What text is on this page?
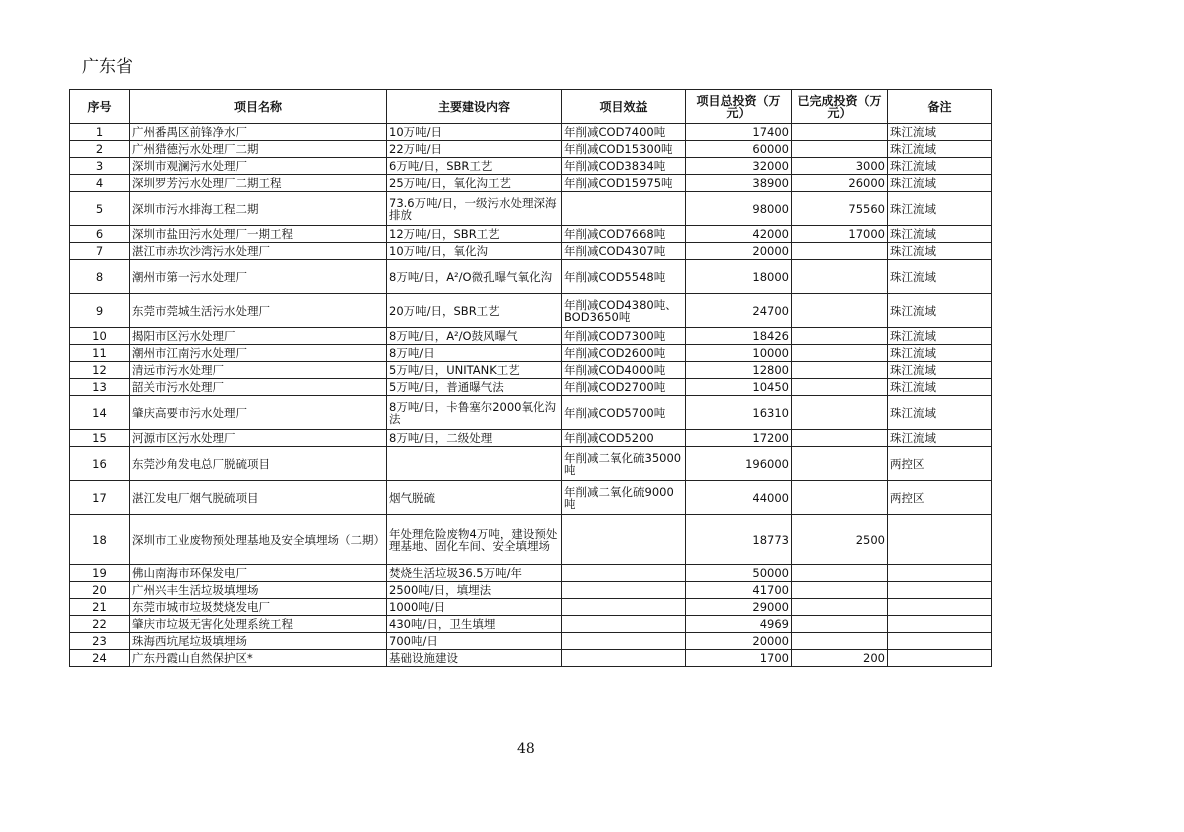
广东省
序号	项目名称	主要建设内容	项目效益	项目总投资（万元）	已完成投资（万元）	备注
1	广州番禺区前锋净水厂	10万吨/日	年削减COD7400吨	17400		珠江流域
2	广州猎德污水处理厂二期	22万吨/日	年削减COD15300吨	60000		珠江流域
3	深圳市观澜污水处理厂	6万吨/日，SBR工艺	年削减COD3834吨	32000	3000	珠江流域
4	深圳罗芳污水处理厂二期工程	25万吨/日，氧化沟工艺	年削减COD15975吨	38900	26000	珠江流域
5	深圳市污水排海工程二期	73.6万吨/日，一级污水处理深海排放		98000	75560	珠江流域
6	深圳市盐田污水处理厂一期工程	12万吨/日，SBR工艺	年削减COD7668吨	42000	17000	珠江流域
7	湛江市赤坎沙湾污水处理厂	10万吨/日，氧化沟	年削减COD4307吨	20000		珠江流域
8	潮州市第一污水处理厂	8万吨/日，A²/O微孔曝气氧化沟	年削减COD5548吨	18000		珠江流域
9	东莞市莞城生活污水处理厂	20万吨/日，SBR工艺	年削减COD4380吨、BOD3650吨	24700		珠江流域
10	揭阳市区污水处理厂	8万吨/日，A²/O鼓风曝气	年削减COD7300吨	18426		珠江流域
11	潮州市江南污水处理厂	8万吨/日	年削减COD2600吨	10000		珠江流域
12	清远市污水处理厂	5万吨/日，UNITANK工艺	年削减COD4000吨	12800		珠江流域
13	韶关市污水处理厂	5万吨/日，普通曝气法	年削减COD2700吨	10450		珠江流域
14	肇庆高要市污水处理厂	8万吨/日，卡鲁塞尔2000氧化沟法	年削减COD5700吨	16310		珠江流域
15	河源市区污水处理厂	8万吨/日，二级处理	年削减COD5200	17200		珠江流域
16	东莞沙角发电总厂脱硫项目		年削减二氧化硫35000吨	196000		两控区
17	湛江发电厂烟气脱硫项目	烟气脱硫	年削减二氧化硫9000吨	44000		两控区
18	深圳市工业废物预处理基地及安全填埋场（二期）	年处理危险废物4万吨，建设预处理基地、固化车间、安全填埋场		18773	2500	
19	佛山南海市环保发电厂	焚烧生活垃圾36.5万吨/年		50000		
20	广州兴丰生活垃圾填埋场	2500吨/日，填埋法		41700		
21	东莞市城市垃圾焚烧发电厂	1000吨/日		29000		
22	肇庆市垃圾无害化处理系统工程	430吨/日，卫生填埋		4969		
23	珠海西坑尾垃圾填埋场	700吨/日		20000		
24	广东丹霞山自然保护区*	基础设施建设		1700	200	
48
